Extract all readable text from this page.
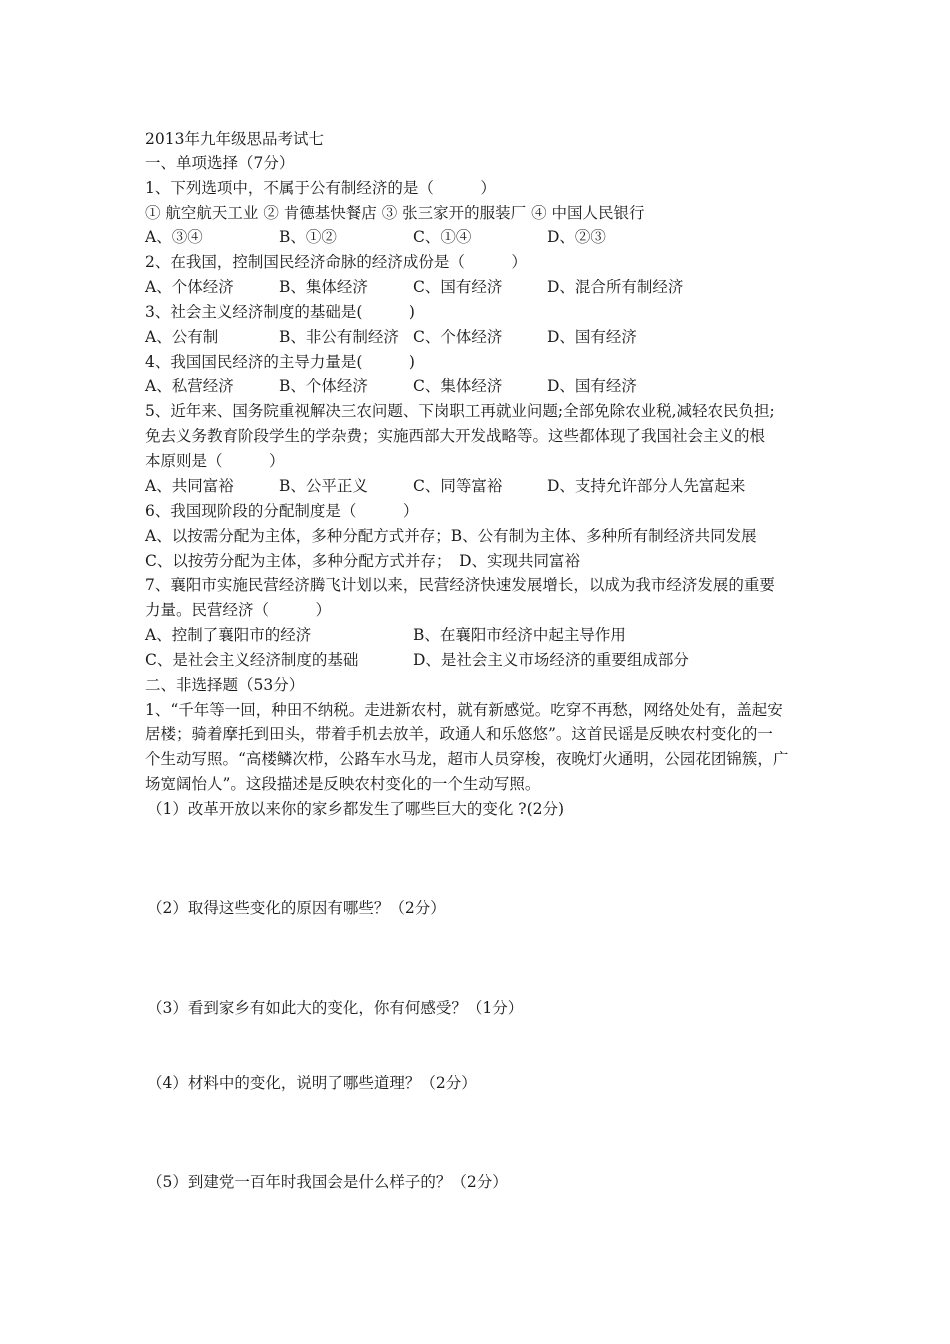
2013年九年级思品考试七
一、单项选择（7分）
1、下列选项中，不属于公有制经济的是（　　　）
① 航空航天工业 ② 肯德基快餐店 ③ 张三家开的服装厂 ④ 中国人民银行
A、③④	B、①②	C、①④	D、②③
2、在我国，控制国民经济命脉的经济成份是（　　　）
A、个体经济	B、集体经济	C、国有经济	D、混合所有制经济
3、社会主义经济制度的基础是(　　　)
A、公有制	B、非公有制经济 C、个体经济	D、国有经济
4、我国国民经济的主导力量是(　　　)
A、私营经济	B、个体经济	C、集体经济	D、国有经济
5、近年来、国务院重视解决三农问题、下岗职工再就业问题;全部免除农业税,减轻农民负担;
免去义务教育阶段学生的学杂费；实施西部大开发战略等。这些都体现了我国社会主义的根
本原则是（　　　）
A、共同富裕	B、公平正义	C、同等富裕	D、支持允许部分人先富起来
6、我国现阶段的分配制度是（　　　）
A、以按需分配为主体，多种分配方式并存；B、公有制为主体、多种所有制经济共同发展
C、以按劳分配为主体，多种分配方式并存；　D、实现共同富裕
7、襄阳市实施民营经济腾飞计划以来，民营经济快速发展增长，以成为我市经济发展的重要
力量。民营经济（　　　）
A、控制了襄阳市的经济	B、在襄阳市经济中起主导作用
C、是社会主义经济制度的基础	D、是社会主义市场经济的重要组成部分
二、非选择题（53分）
1、“千年等一回，种田不纳税。走进新农村，就有新感觉。吃穿不再愁，网络处处有，盖起安
居楼；骑着摩托到田头，带着手机去放羊，政通人和乐悠悠”。这首民谣是反映农村变化的一
个生动写照。“高楼鳞次栉，公路车水马龙，超市人员穿梭，夜晚灯火通明，公园花团锦簇，广
场宽阔怡人”。这段描述是反映农村变化的一个生动写照。
（1）改革开放以来你的家乡都发生了哪些巨大的变化 ?(2分)
（2）取得这些变化的原因有哪些？（2分）
（3）看到家乡有如此大的变化，你有何感受？（1分）
（4）材料中的变化，说明了哪些道理？（2分）
（5）到建党一百年时我国会是什么样子的？（2分）
